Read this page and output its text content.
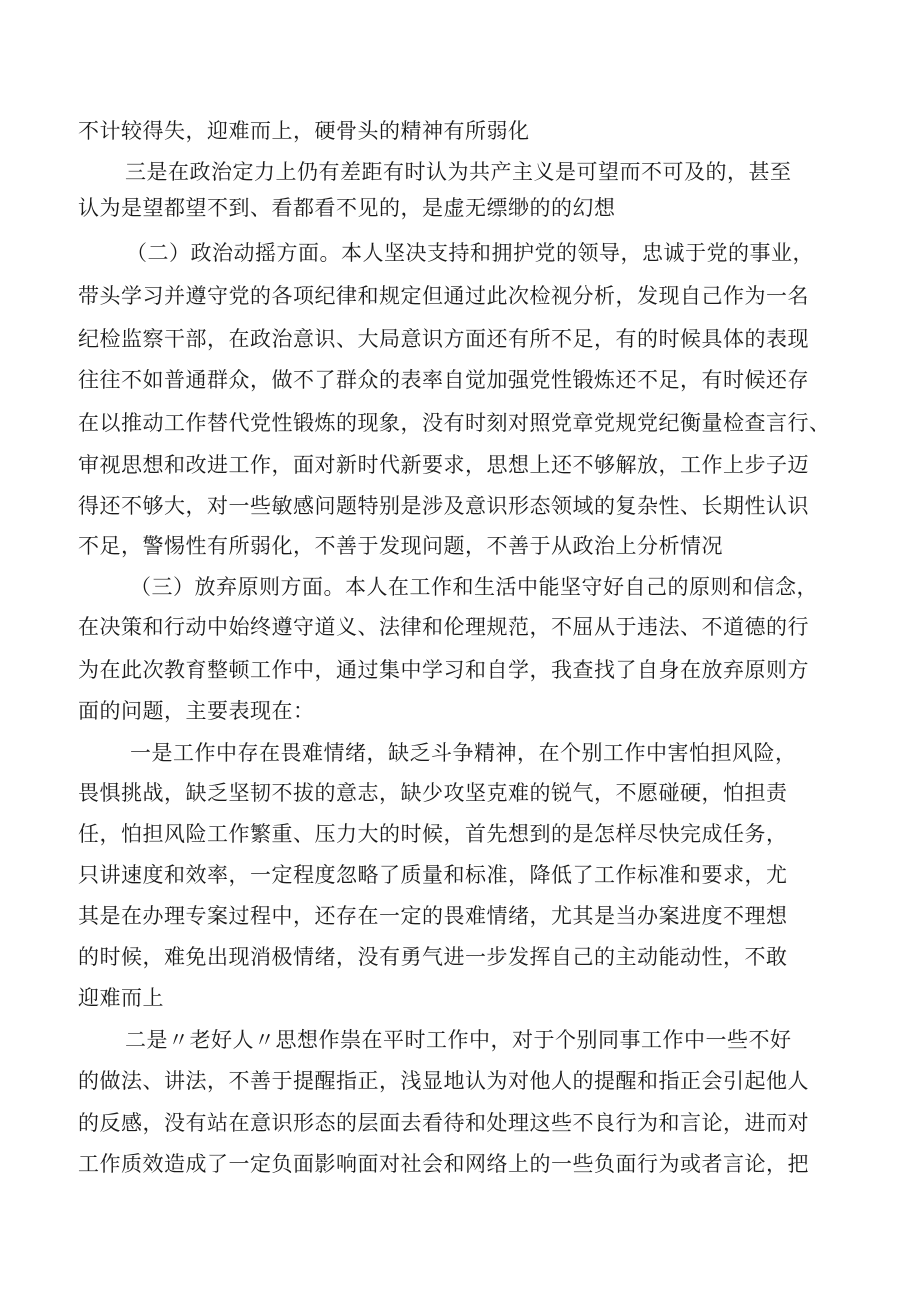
不计较得失，迎难而上，硬骨头的精神有所弱化
三是在政治定力上仍有差距有时认为共产主义是可望而不可及的，甚至
认为是望都望不到、看都看不见的，是虚无缥缈的的幻想
（二）政治动摇方面。本人坚决支持和拥护党的领导，忠诚于党的事业，
带头学习并遵守党的各项纪律和规定但通过此次检视分析，发现自己作为一名
纪检监察干部，在政治意识、大局意识方面还有所不足，有的时候具体的表现
往往不如普通群众，做不了群众的表率自觉加强党性锻炼还不足，有时候还存
在以推动工作替代党性锻炼的现象，没有时刻对照党章党规党纪衡量检查言行、
审视思想和改进工作，面对新时代新要求，思想上还不够解放，工作上步子迈
得还不够大，对一些敏感问题特别是涉及意识形态领域的复杂性、长期性认识
不足，警惕性有所弱化，不善于发现问题，不善于从政治上分析情况
（三）放弃原则方面。本人在工作和生活中能坚守好自己的原则和信念，
在决策和行动中始终遵守道义、法律和伦理规范，不屈从于违法、不道德的行
为在此次教育整顿工作中，通过集中学习和自学，我查找了自身在放弃原则方
面的问题，主要表现在：
一是工作中存在畏难情绪，缺乏斗争精神，在个别工作中害怕担风险，
畏惧挑战，缺乏坚韧不拔的意志，缺少攻坚克难的锐气，不愿碰硬，怕担责
任，怕担风险工作繁重、压力大的时候，首先想到的是怎样尽快完成任务，
只讲速度和效率，一定程度忽略了质量和标准，降低了工作标准和要求，尤
其是在办理专案过程中，还存在一定的畏难情绪，尤其是当办案进度不理想
的时候，难免出现消极情绪，没有勇气进一步发挥自己的主动能动性，不敢
迎难而上
二是〃老好人〃思想作祟在平时工作中，对于个别同事工作中一些不好
的做法、讲法，不善于提醒指正，浅显地认为对他人的提醒和指正会引起他人
的反感，没有站在意识形态的层面去看待和处理这些不良行为和言论，进而对
工作质效造成了一定负面影响面对社会和网络上的一些负面行为或者言论，把
